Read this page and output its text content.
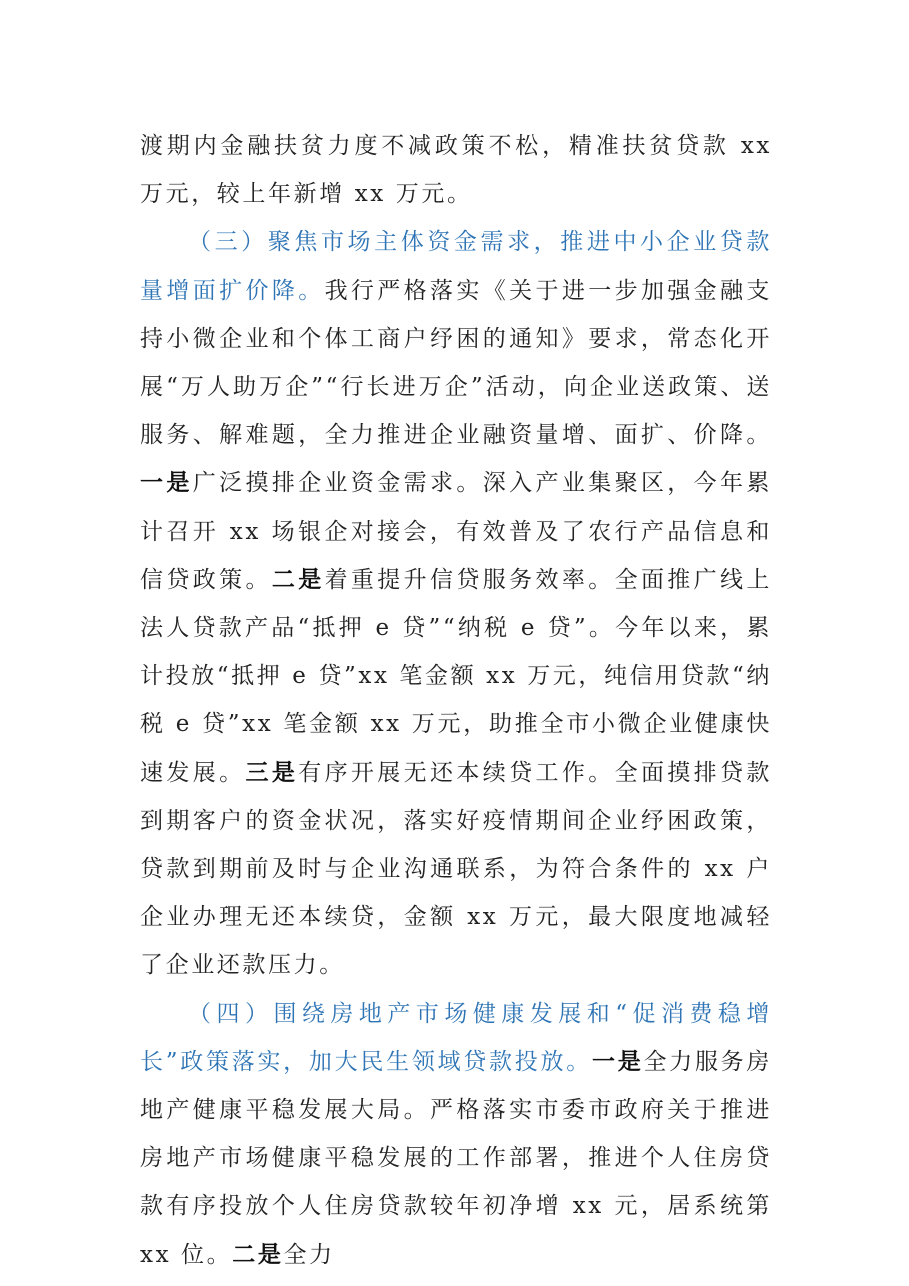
渡期内金融扶贫力度不减政策不松，精准扶贫贷款 xx 万元，较上年新增 xx 万元。

（三）聚焦市场主体资金需求，推进中小企业贷款量增面扩价降。我行严格落实《关于进一步加强金融支持小微企业和个体工商户纾困的通知》要求，常态化开展“万人助万企”“行长进万企”活动，向企业送政策、送服务、解难题，全力推进企业融资量增、面扩、价降。一是广泛摸排企业资金需求。深入产业集聚区，今年累计召开 xx 场银企对接会，有效普及了农行产品信息和信贷政策。二是着重提升信贷服务效率。全面推广线上法人贷款产品“抵押 e 贷”“纳税 e 贷”。今年以来，累计投放“抵押 e 贷”xx 笔金额 xx 万元，纯信用贷款“纳税 e 贷”xx 笔金额 xx 万元，助推全市小微企业健康快速发展。三是有序开展无还本续贷工作。全面摸排贷款到期客户的资金状况，落实好疫情期间企业纾困政策，贷款到期前及时与企业沟通联系，为符合条件的 xx 户企业办理无还本续贷，金额 xx 万元，最大限度地减轻了企业还款压力。

（四）围绕房地产市场健康发展和“促消费稳增长”政策落实，加大民生领域贷款投放。一是全力服务房地产健康平稳发展大局。严格落实市委市政府关于推进房地产市场健康平稳发展的工作部署，推进个人住房贷款有序投放个人住房贷款较年初净增 xx 元，居系统第 xx 位。二是全力
